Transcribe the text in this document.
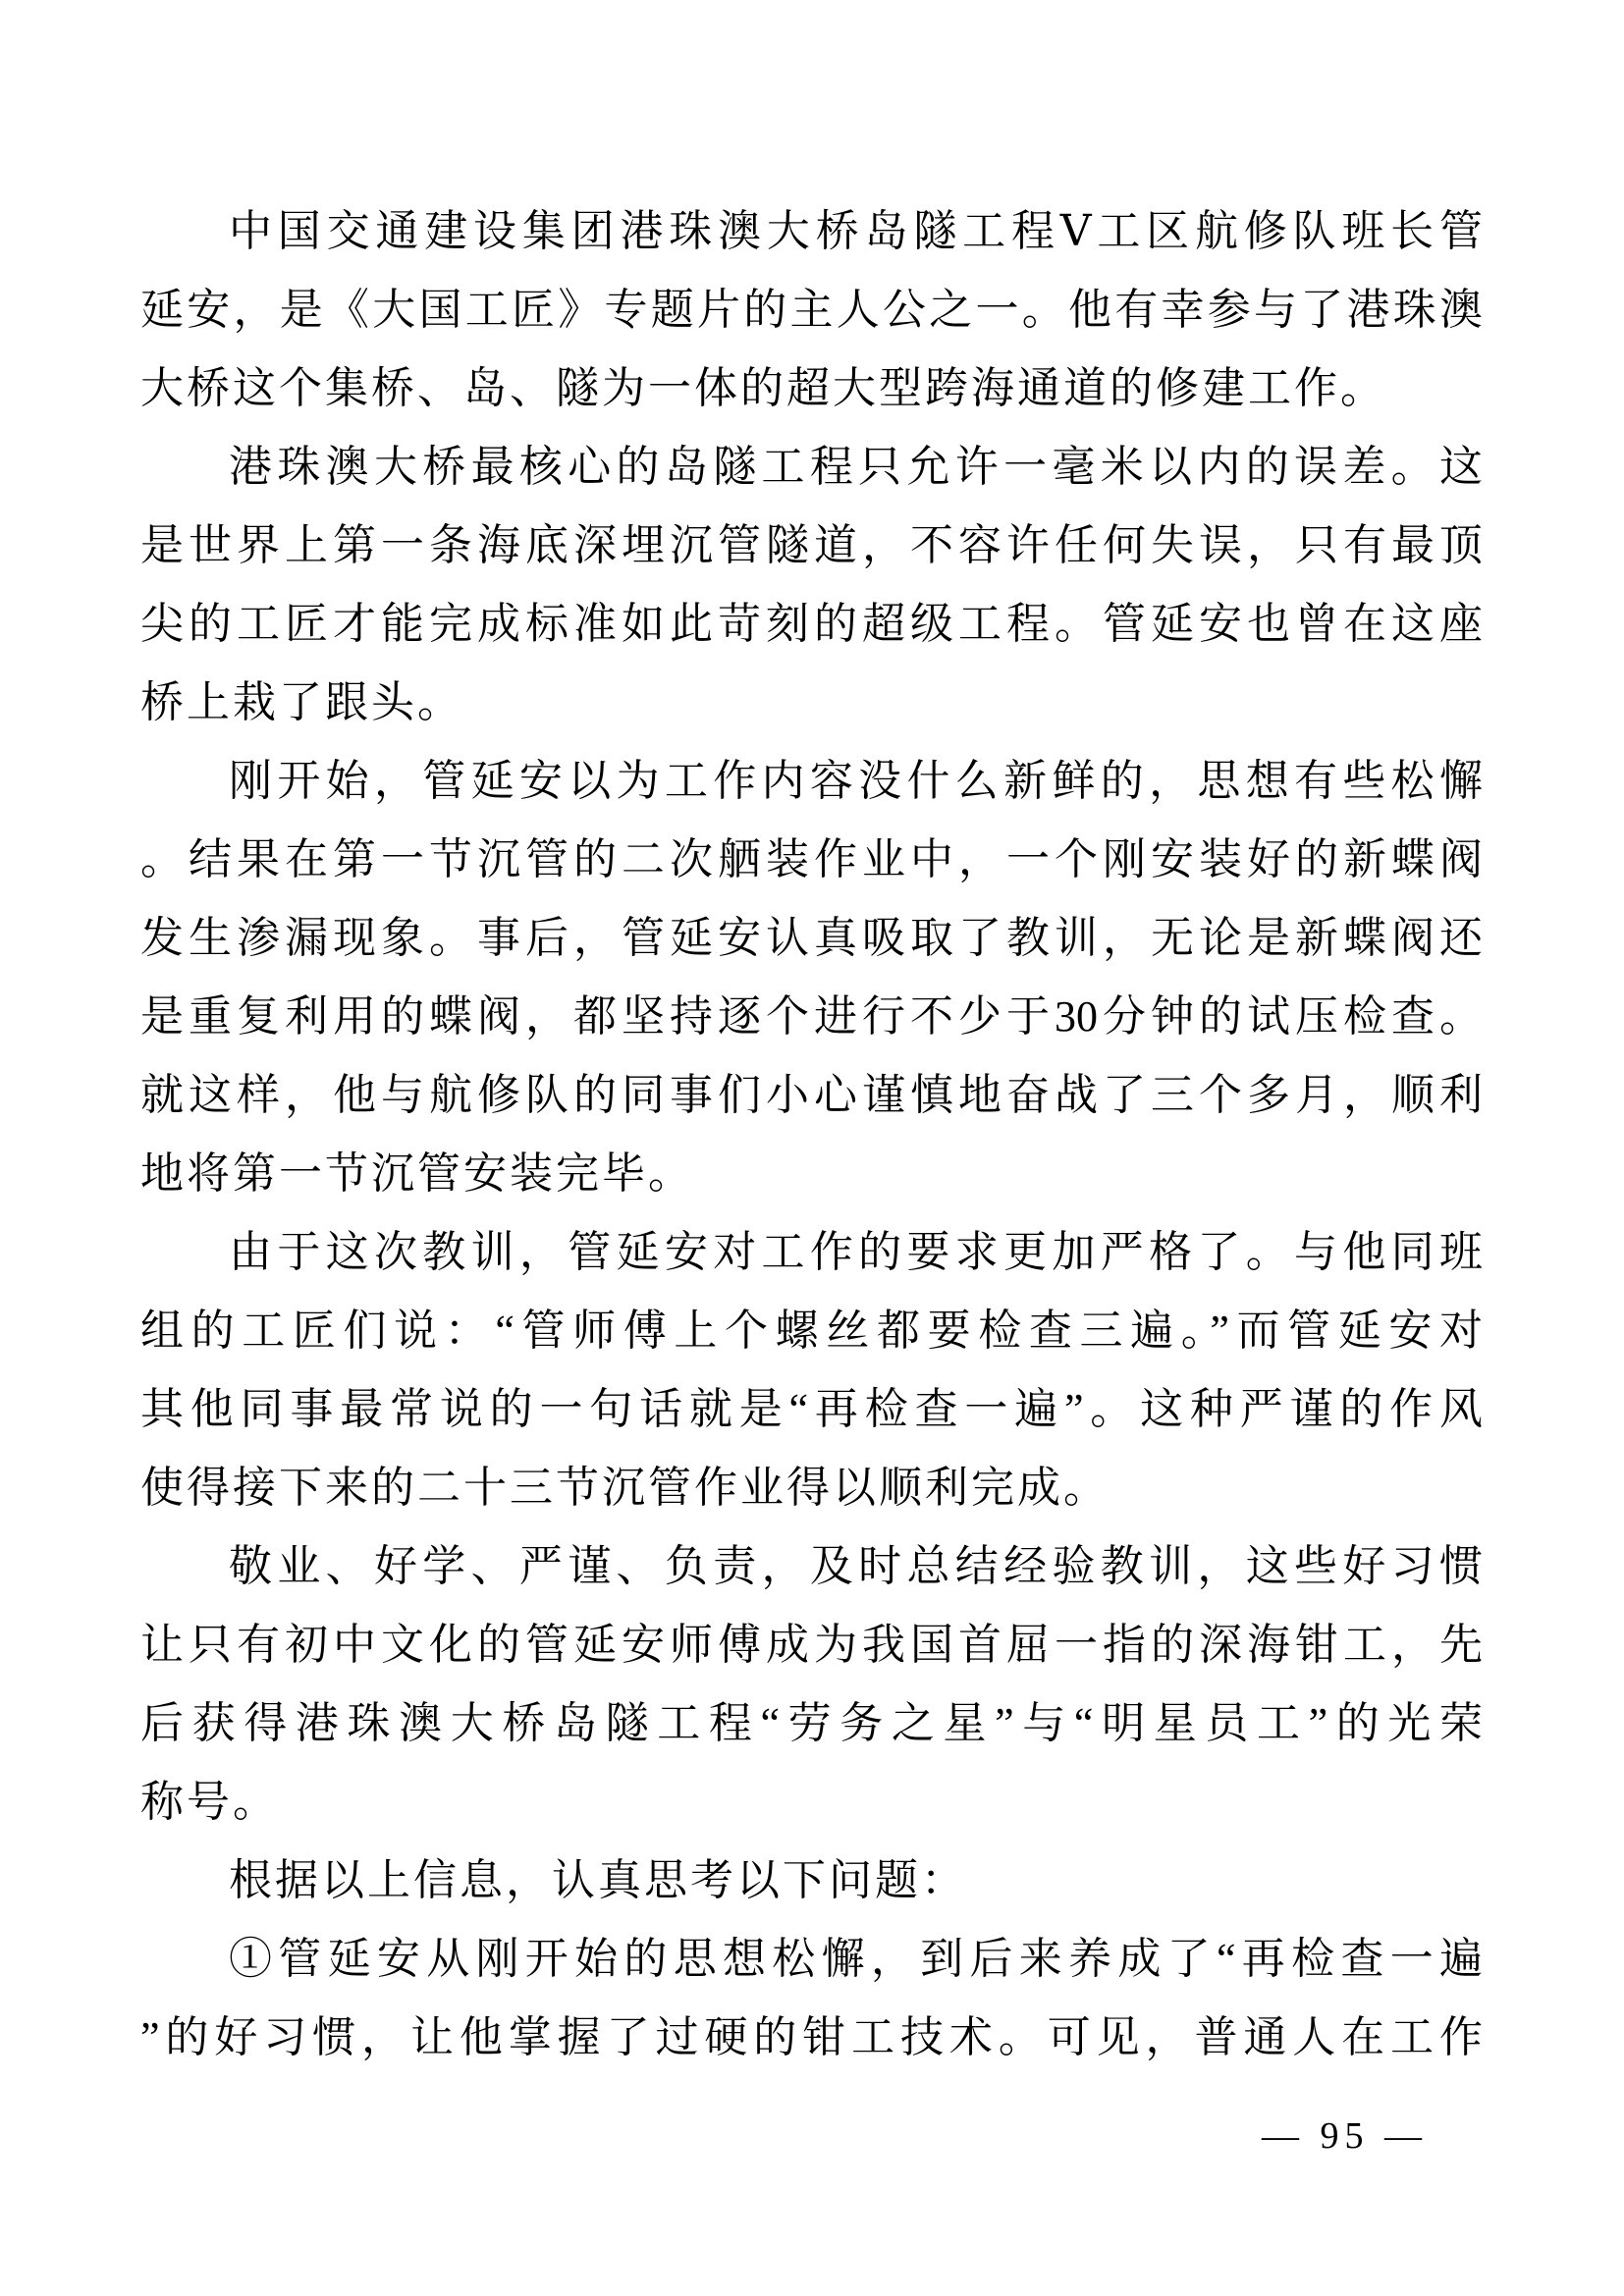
中国交通建设集团港珠澳大桥岛隧工程Ⅴ工区航修队班长管
延安，是《大国工匠》专题片的主人公之一。他有幸参与了港珠澳
大桥这个集桥、岛、隧为一体的超大型跨海通道的修建工作。
港珠澳大桥最核心的岛隧工程只允许一毫米以内的误差。这
是世界上第一条海底深埋沉管隧道，不容许任何失误，只有最顶
尖的工匠才能完成标准如此苛刻的超级工程。管延安也曾在这座
桥上栽了跟头。
刚开始，管延安以为工作内容没什么新鲜的，思想有些松懈
。结果在第一节沉管的二次舾装作业中，一个刚安装好的新蝶阀
发生渗漏现象。事后，管延安认真吸取了教训，无论是新蝶阀还
是重复利用的蝶阀，都坚持逐个进行不少于30分钟的试压检查。
就这样，他与航修队的同事们小心谨慎地奋战了三个多月，顺利
地将第一节沉管安装完毕。
由于这次教训，管延安对工作的要求更加严格了。与他同班
组的工匠们说：“管师傅上个螺丝都要检查三遍。”而管延安对
其他同事最常说的一句话就是“再检查一遍”。这种严谨的作风
使得接下来的二十三节沉管作业得以顺利完成。
敬业、好学、严谨、负责，及时总结经验教训，这些好习惯
让只有初中文化的管延安师傅成为我国首屈一指的深海钳工，先
后获得港珠澳大桥岛隧工程“劳务之星”与“明星员工”的光荣
称号。
根据以上信息，认真思考以下问题：
①管延安从刚开始的思想松懈，到后来养成了“再检查一遍
”的好习惯，让他掌握了过硬的钳工技术。可见，普通人在工作
— 95 —
